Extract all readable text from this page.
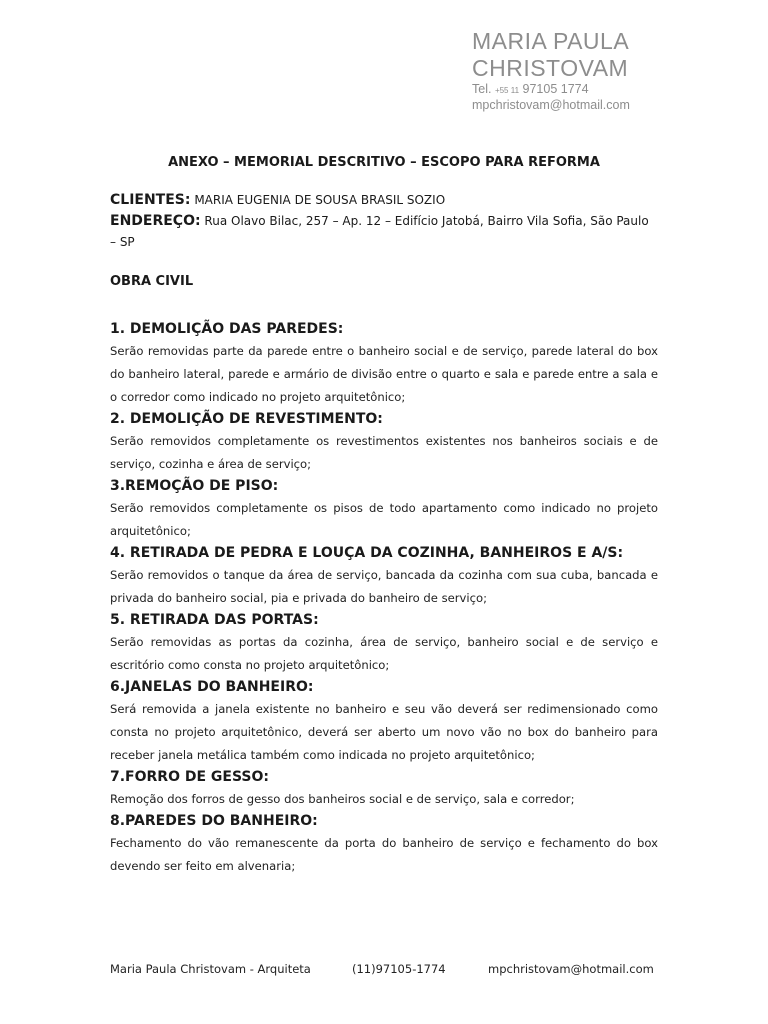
MARIA PAULA
CHRISTOVAM
Tel. +55 11 97105 1774
mpchristovam@hotmail.com
ANEXO – MEMORIAL DESCRITIVO – ESCOPO PARA REFORMA
CLIENTES: MARIA EUGENIA DE SOUSA BRASIL SOZIO
ENDEREÇO: Rua Olavo Bilac, 257 – Ap. 12 – Edifício Jatobá, Bairro Vila Sofia, São Paulo – SP
OBRA CIVIL
1. DEMOLIÇÃO DAS PAREDES:
Serão removidas parte da parede entre o banheiro social e de serviço, parede lateral do box do banheiro lateral, parede e armário de divisão entre o quarto e sala e parede entre a sala e o corredor como indicado no projeto arquitetônico;
2. DEMOLIÇÃO DE REVESTIMENTO:
Serão removidos completamente os revestimentos existentes nos banheiros sociais e de serviço, cozinha e área de serviço;
3.REMOÇÃO DE PISO:
Serão removidos completamente os pisos de todo apartamento como indicado no projeto arquitetônico;
4. RETIRADA DE PEDRA E LOUÇA DA COZINHA, BANHEIROS E A/S:
Serão removidos o tanque da área de serviço, bancada da cozinha com sua cuba, bancada e privada do banheiro social, pia e privada do banheiro de serviço;
5. RETIRADA DAS PORTAS:
Serão removidas as portas da cozinha, área de serviço, banheiro social e de serviço e escritório como consta no projeto arquitetônico;
6.JANELAS DO BANHEIRO:
Será removida a janela existente no banheiro e seu vão deverá ser redimensionado como consta no projeto arquitetônico, deverá ser aberto um novo vão no box do banheiro para receber janela metálica também como indicada no projeto arquitetônico;
7.FORRO DE GESSO:
Remoção dos forros de gesso dos banheiros social e de serviço, sala e corredor;
8.PAREDES DO BANHEIRO:
Fechamento do vão remanescente da porta do banheiro de serviço e fechamento do box devendo ser feito em alvenaria;
Maria Paula Christovam - Arquiteta	(11)97105-1774	mpchristovam@hotmail.com
